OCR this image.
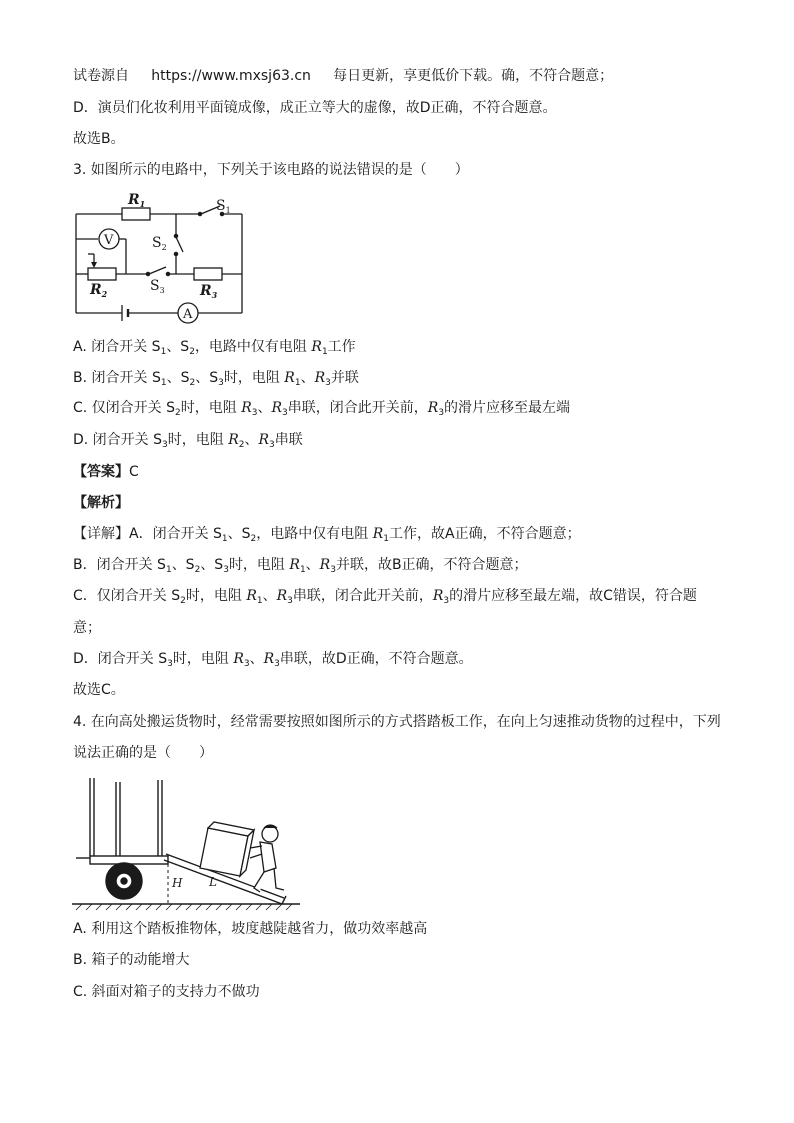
试卷源自 https://www.mxsj63.cn 每日更新，享更低价下载。确，不符合题意；
D．演员们化妆利用平面镜成像，成正立等大的虚像，故D正确，不符合题意。
故选B。
3. 如图所示的电路中，下列关于该电路的说法错误的是（　　）
$R_1$	$S_1$
$S_2$
V
$R_2$	$S_3$	$R_3$
A
A. 闭合开关 $S_1$、$S_2$，电路中仅有电阻 $R_1$工作
B. 闭合开关 $S_1$、$S_2$、$S_3$时，电阻 $R_1$、$R_3$并联
C. 仅闭合开关 $S_2$时，电阻 $R_3$、$R_3$串联，闭合此开关前，$R_3$的滑片应移至最左端
D. 闭合开关 $S_3$时，电阻 $R_2$、$R_3$串联
【答案】C
【解析】
【详解】A．闭合开关 $S_1$、$S_2$，电路中仅有电阻 $R_1$工作，故A正确，不符合题意；
B．闭合开关 $S_1$、$S_2$、$S_3$时，电阻 $R_1$、$R_3$并联，故B正确，不符合题意；
C．仅闭合开关 $S_2$时，电阻 $R_1$、$R_3$串联，闭合此开关前，$R_3$的滑片应移至最左端，故C错误，符合题
意；
D．闭合开关 $S_3$时，电阻 $R_3$、$R_3$串联，故D正确，不符合题意。
故选C。
4. 在向高处搬运货物时，经常需要按照如图所示的方式搭踏板工作，在向上匀速推动货物的过程中，下列
说法正确的是（　　）
H L
A. 利用这个踏板推物体，坡度越陡越省力，做功效率越高
B. 箱子的动能增大
C. 斜面对箱子的支持力不做功
